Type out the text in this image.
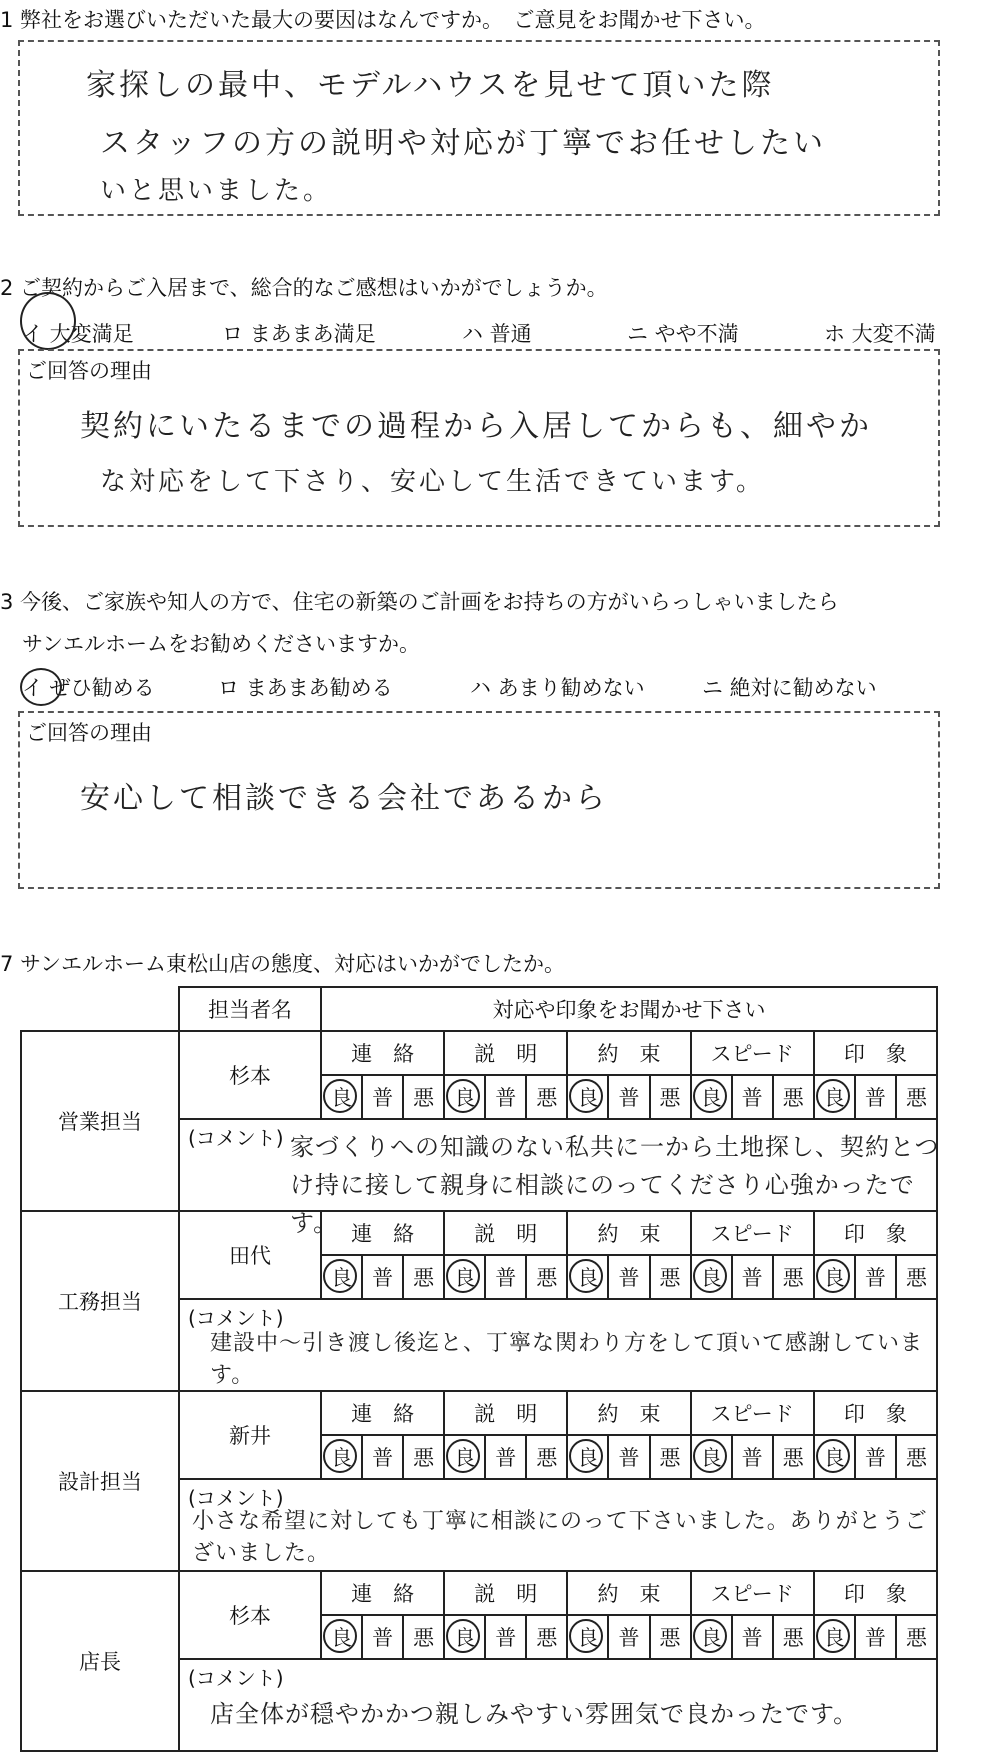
1 弊社をお選びいただいた最大の要因はなんですか。　ご意見をお聞かせ下さい。
家探しの最中、モデルハウスを見せて頂いた際
スタッフの方の説明や対応が丁寧でお任せしたい
いと思いました。
2 ご契約からご入居まで、総合的なご感想はいかがでしょうか。
イ 大変満足	ロ まあまあ満足	ハ 普通	ニ やや不満	ホ 大変不満
ご回答の理由
契約にいたるまでの過程から入居してからも、細やか
な対応をして下さり、安心して生活できています。
3 今後、ご家族や知人の方で、住宅の新築のご計画をお持ちの方がいらっしゃいましたら
サンエルホームをお勧めくださいますか。
イ ぜひ勧める	ロ まあまあ勧める	ハ あまり勧めない	ニ 絶対に勧めない
ご回答の理由
安心して相談できる会社であるから
7 サンエルホーム東松山店の態度、対応はいかがでしたか。
	担当者名	対応や印象をお聞かせ下さい														
営業担当	杉本	連　絡			説　明			約　束			スピード			印　象		
		良	普	悪	良	普	悪	良	普	悪	良	普	悪	良	普	悪

	(コメント) 家づくりへの知識のない私共に一から土地探し、契約とつけ持に接して親身に相談にのってくださり心強かったです。															

工務担当	田代	連　絡			説　明			約　束			スピード			印　象		
		良	普	悪	良	普	悪	良	普	悪	良	普	悪	良	普	悪

	(コメント)
建設中～引き渡し後迄と、丁寧な関わり方をして頂いて感謝しています。															

設計担当	新井	連　絡			説　明			約　束			スピード			印　象		
		良	普	悪	良	普	悪	良	普	悪	良	普	悪	良	普	悪

	(コメント)
小さな希望に対しても丁寧に相談にのって下さいました。ありがとうございました。															

店長	杉本	連　絡			説　明			約　束			スピード			印　象		
		良	普	悪	良	普	悪	良	普	悪	良	普	悪	良	普	悪

	(コメント)
店全体が穏やかかつ親しみやすい雰囲気で良かったです。															
